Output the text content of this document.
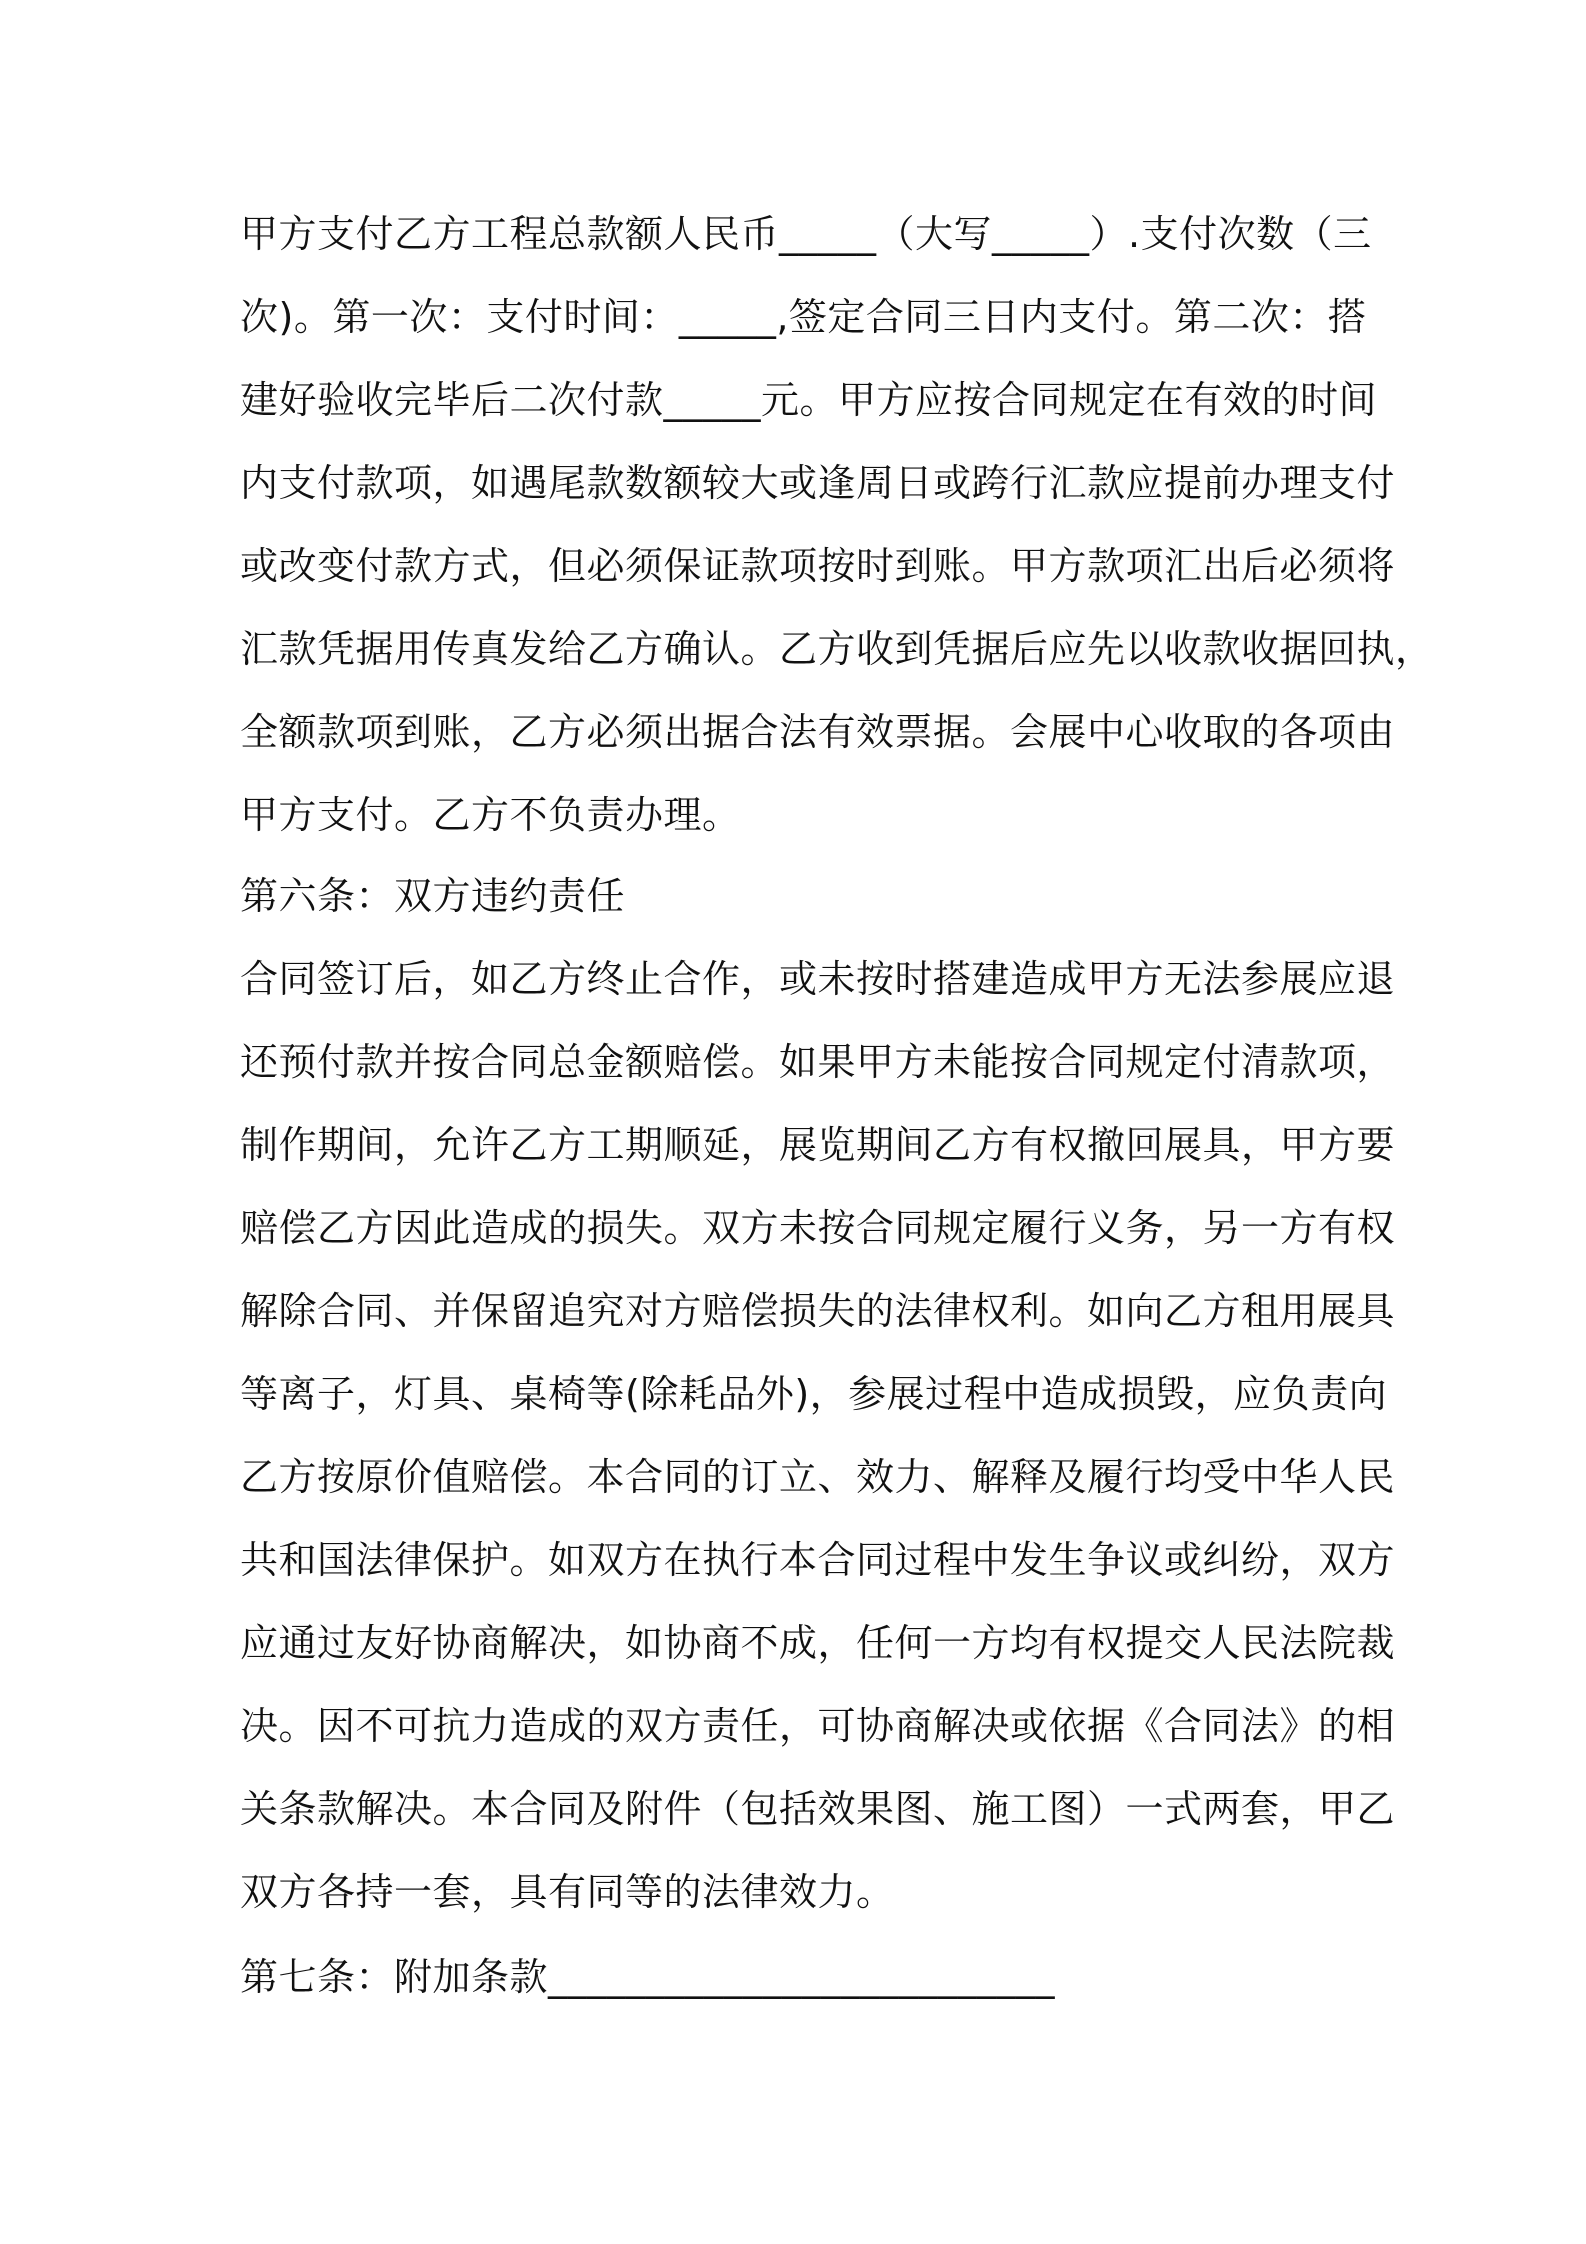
甲方支付乙方工程总款额人民币_____（大写_____）.支付次数（三
次)。第一次：支付时间：_____,签定合同三日内支付。第二次：搭
建好验收完毕后二次付款_____元。甲方应按合同规定在有效的时间
内支付款项，如遇尾款数额较大或逢周日或跨行汇款应提前办理支付
或改变付款方式，但必须保证款项按时到账。甲方款项汇出后必须将
汇款凭据用传真发给乙方确认。乙方收到凭据后应先以收款收据回执，
全额款项到账，乙方必须出据合法有效票据。会展中心收取的各项由
甲方支付。乙方不负责办理。
第六条：双方违约责任
合同签订后，如乙方终止合作，或未按时搭建造成甲方无法参展应退
还预付款并按合同总金额赔偿。如果甲方未能按合同规定付清款项，
制作期间，允许乙方工期顺延，展览期间乙方有权撤回展具，甲方要
赔偿乙方因此造成的损失。双方未按合同规定履行义务，另一方有权
解除合同、并保留追究对方赔偿损失的法律权利。如向乙方租用展具
等离子，灯具、桌椅等(除耗品外)，参展过程中造成损毁，应负责向
乙方按原价值赔偿。本合同的订立、效力、解释及履行均受中华人民
共和国法律保护。如双方在执行本合同过程中发生争议或纠纷，双方
应通过友好协商解决，如协商不成，任何一方均有权提交人民法院裁
决。因不可抗力造成的双方责任，可协商解决或依据《合同法》的相
关条款解决。本合同及附件（包括效果图、施工图）一式两套，甲乙
双方各持一套，具有同等的法律效力。
第七条：附加条款__________________________
